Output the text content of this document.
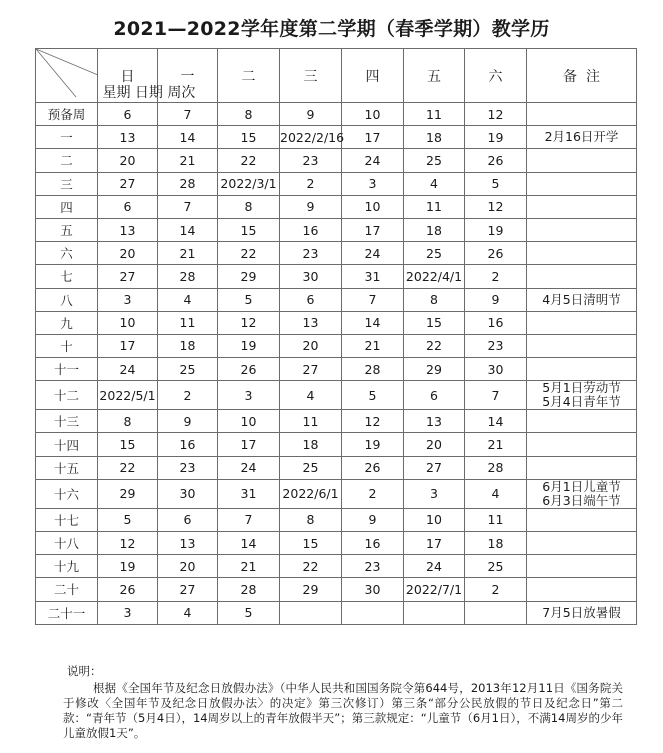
2021—2022学年度第二学期（春季学期）教学历
星期 日期 周次	日	一	二	三	四	五	六	备  注
预备周	6	7	8	9	10	11	12	
一	13	14	15	2022/2/16	17	18	19	2月16日开学

二	20	21	22	23	24	25	26	
三	27	28	2022/3/1	2	3	4	5	
四	6	7	8	9	10	11	12	
五	13	14	15	16	17	18	19	
六	20	21	22	23	24	25	26	
七	27	28	29	30	31	2022/4/1	2	
八	3	4	5	6	7	8	9	4月5日清明节

九	10	11	12	13	14	15	16	
十	17	18	19	20	21	22	23	
十一	24	25	26	27	28	29	30	
十二	2022/5/1	2	3	4	5	6	7	5月1日劳动节
5月4日青年节

十三	8	9	10	11	12	13	14	
十四	15	16	17	18	19	20	21	
十五	22	23	24	25	26	27	28	
十六	29	30	31	2022/6/1	2	3	4	6月1日儿童节
6月3日端午节

十七	5	6	7	8	9	10	11	
十八	12	13	14	15	16	17	18	
十九	19	20	21	22	23	24	25	
二十	26	27	28	29	30	2022/7/1	2	
二十一	3	4	5					7月5日放暑假

说明：

根据《全国年节及纪念日放假办法》（中华人民共和国国务院令第644号，2013年12月11日《国务院关于修改〈全国年节及纪念日放假办法〉的决定》第三次修订）第三条“部分公民放假的节日及纪念日”第二款：“青年节（5月4日），14周岁以上的青年放假半天”；第三款规定：“儿童节（6月1日），不满14周岁的少年儿童放假1天”。
